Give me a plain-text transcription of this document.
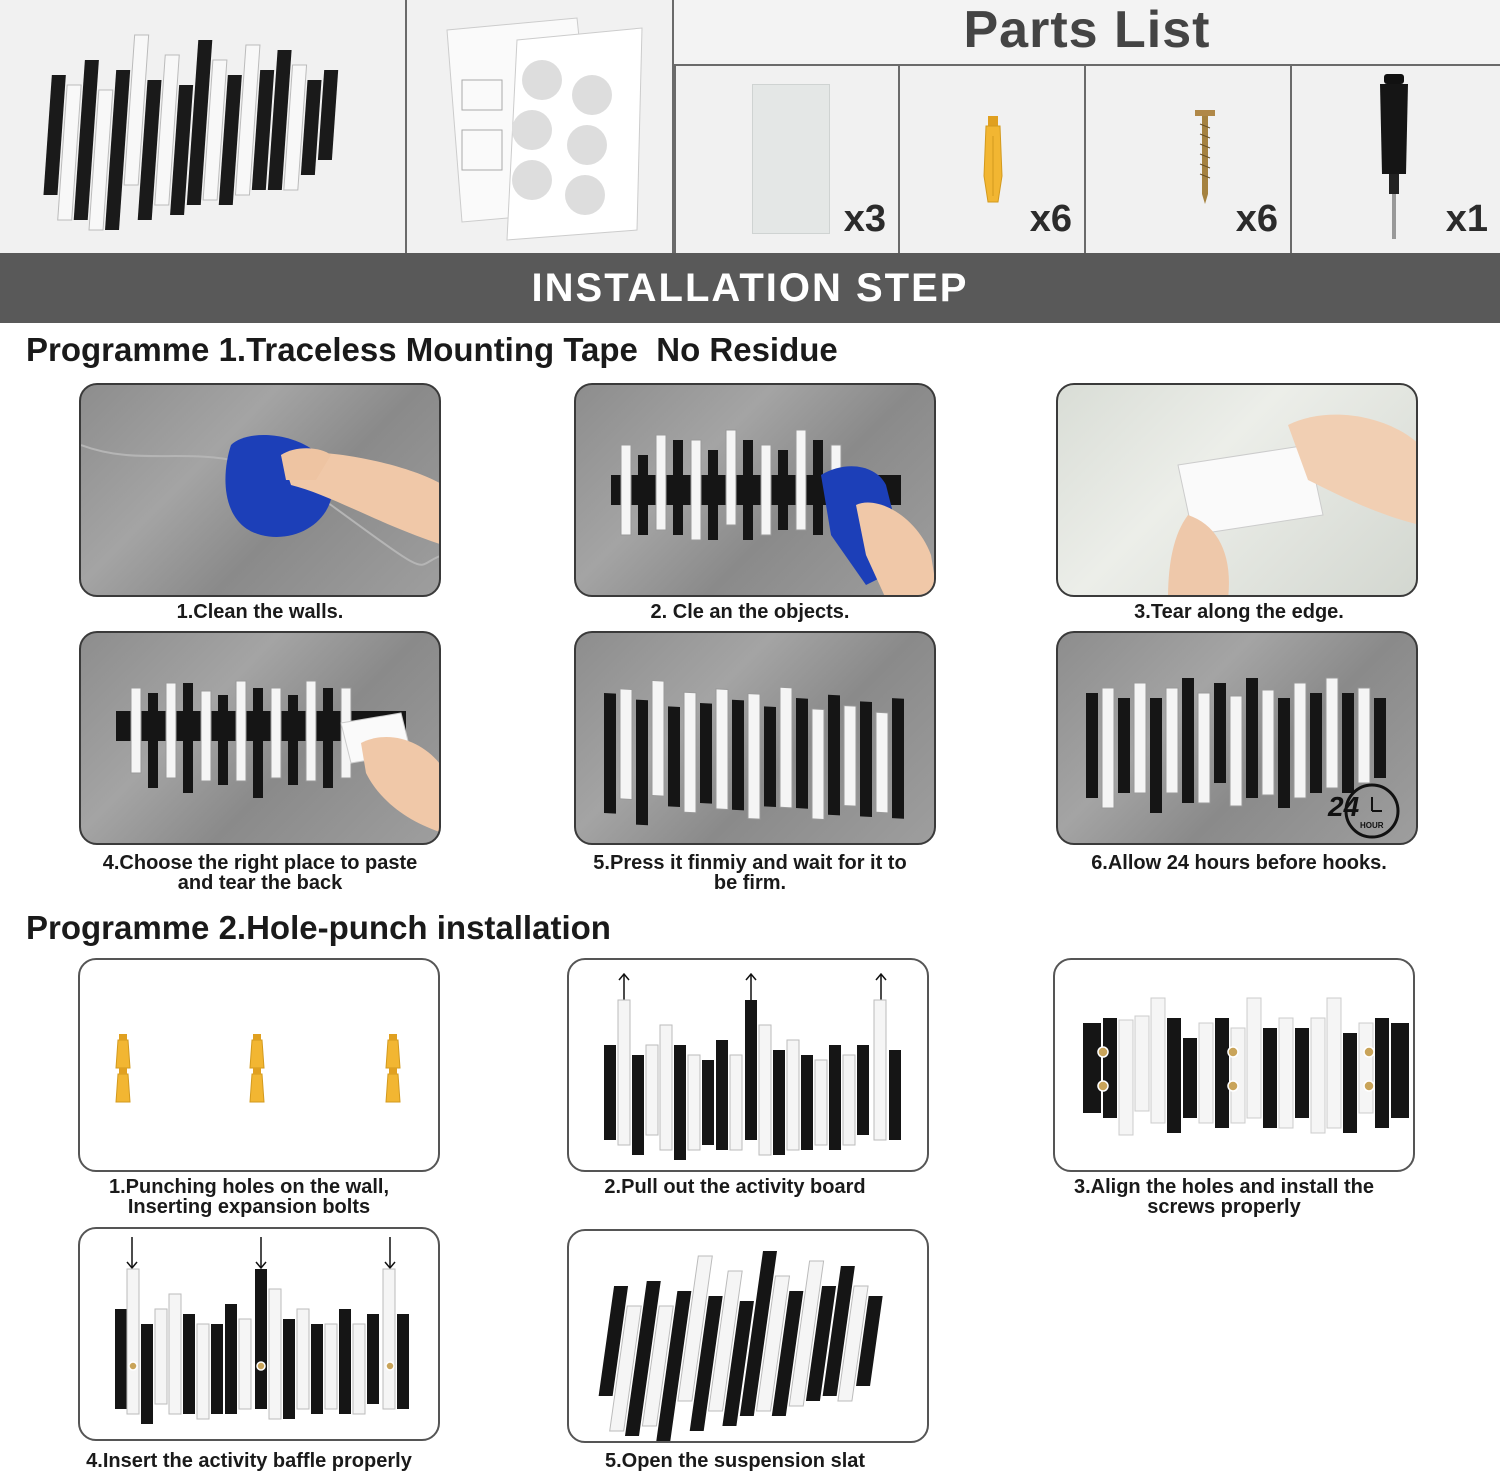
Parts List
x3	x6	x6	x1
INSTALLATION STEP
Programme 1.Traceless Mounting Tape  No Residue
1.Clean the walls.	2. Cle an the objects.	3.Tear along the edge.
4.Choose the right place to paste
and tear the back
5.Press it finmiy and wait for it to
be firm.
24
HOUR
6.Allow 24 hours before hooks.
Programme 2.Hole-punch installation
1.Punching holes on the wall,
Inserting expansion bolts
2.Pull out the activity board	3.Align the holes and install the
screws properly
4.Insert the activity baffle properly	5.Open the suspension slat
